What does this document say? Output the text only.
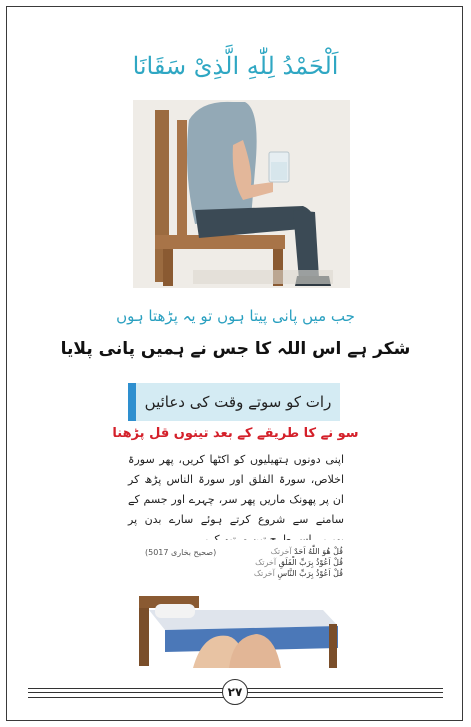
اَلْحَمْدُ لِلّٰهِ الَّذِیْ سَقَانَا
جب میں پانی پیتا ہوں تو یہ پڑھتا ہوں
شکر ہے اس اللہ کا جس نے ہمیں پانی پلایا
رات کو سوتے وقت کی دعائیں
سو نے کا طریقے کے بعد تینوں قل پڑھنا
اپنی دونوں ہتھیلیوں کو اکٹھا کریں، پھر سورۃ اخلاص، سورۃ الفلق اور سورۃ الناس پڑھ کر ان پر پھونک ماریں پھر سر، چہرے اور جسم کے سامنے سے شروع کرتے ہوئے سارے بدن پر
(صحیح بخاری 5017)	قُلْ هُوَ اللّٰهُ اَحَدٌ آخرتک
قُلْ اَعُوْذُ بِرَبِّ الْفَلَقِ آخرتک
قُلْ اَعُوْذُ بِرَبِّ النَّاسِ آخرتک
۲۷
